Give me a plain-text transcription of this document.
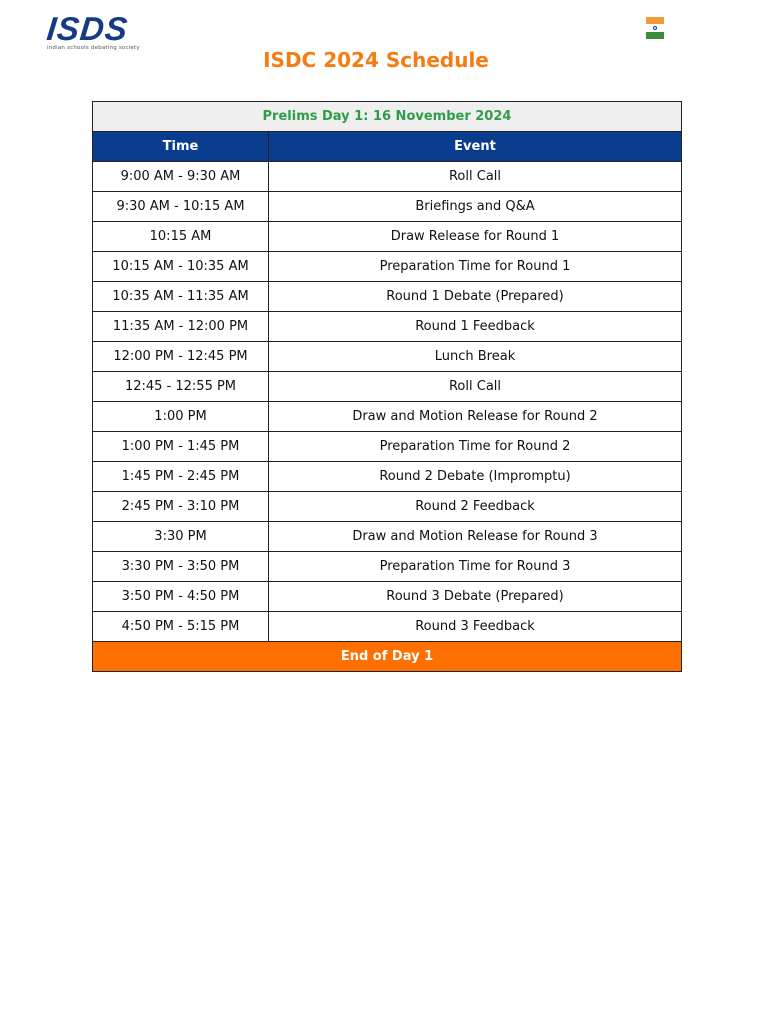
ISDS
indian schools debating society	ISDC 2024 Schedule
Prelims Day 1: 16 November 2024	
Time	Event
9:00 AM - 9:30 AM	Roll Call
9:30 AM - 10:15 AM	Briefings and Q&A
10:15 AM	Draw Release for Round 1
10:15 AM - 10:35 AM	Preparation Time for Round 1
10:35 AM - 11:35 AM	Round 1 Debate (Prepared)
11:35 AM - 12:00 PM	Round 1 Feedback
12:00 PM - 12:45 PM	Lunch Break
12:45 - 12:55 PM	Roll Call
1:00 PM	Draw and Motion Release for Round 2
1:00 PM - 1:45 PM	Preparation Time for Round 2
1:45 PM - 2:45 PM	Round 2 Debate (Impromptu)
2:45 PM - 3:10 PM	Round 2 Feedback
3:30 PM	Draw and Motion Release for Round 3
3:30 PM - 3:50 PM	Preparation Time for Round 3
3:50 PM - 4:50 PM	Round 3 Debate (Prepared)
4:50 PM - 5:15 PM	Round 3 Feedback
End of Day 1	
